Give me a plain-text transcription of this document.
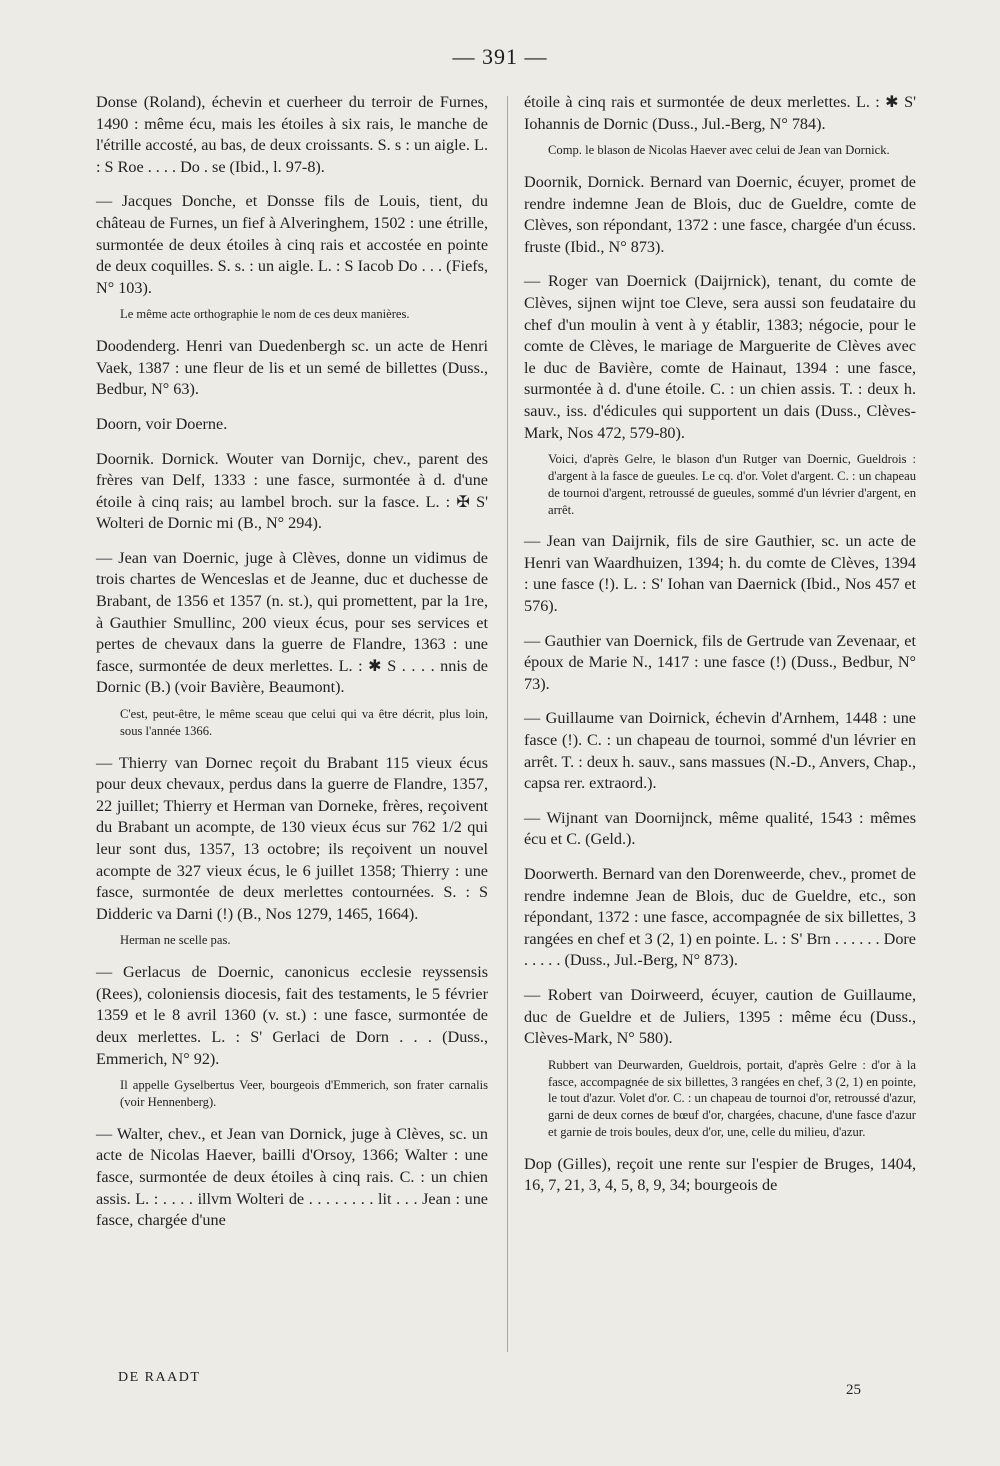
— 391 —
Donse (Roland), échevin et cuerheer du terroir de Furnes, 1490 : même écu, mais les étoiles à six rais, le manche de l'étrille accosté, au bas, de deux croissants. S. s : un aigle. L. : S Roe . . . . Do . se (Ibid., l. 97-8).
— Jacques Donche, et Donsse fils de Louis, tient, du château de Furnes, un fief à Alveringhem, 1502 : une étrille, surmontée de deux étoiles à cinq rais et accostée en pointe de deux coquilles. S. s. : un aigle. L. : S Iacob Do . . . (Fiefs, N° 103).
Le même acte orthographie le nom de ces deux manières.
Doodenderg. Henri van Duedenbergh sc. un acte de Henri Vaek, 1387 : une fleur de lis et un semé de billettes (Duss., Bedbur, N° 63).
Doorn, voir Doerne.
Doornik. Dornick. Wouter van Dornijc, chev., parent des frères van Delf, 1333 : une fasce, surmontée à d. d'une étoile à cinq rais; au lambel broch. sur la fasce. L. : ✠ S' Wolteri de Dornic mi (B., N° 294).
— Jean van Doernic, juge à Clèves, donne un vidimus de trois chartes de Wenceslas et de Jeanne, duc et duchesse de Brabant, de 1356 et 1357 (n. st.), qui promettent, par la 1re, à Gauthier Smullinc, 200 vieux écus, pour ses services et pertes de chevaux dans la guerre de Flandre, 1363 : une fasce, surmontée de deux merlettes. L. : ✱ S . . . . nnis de Dornic (B.) (voir Bavière, Beaumont).
C'est, peut-être, le même sceau que celui qui va être décrit, plus loin, sous l'année 1366.
— Thierry van Dornec reçoit du Brabant 115 vieux écus pour deux chevaux, perdus dans la guerre de Flandre, 1357, 22 juillet; Thierry et Herman van Dorneke, frères, reçoivent du Brabant un acompte, de 130 vieux écus sur 762 1/2 qui leur sont dus, 1357, 13 octobre; ils reçoivent un nouvel acompte de 327 vieux écus, le 6 juillet 1358; Thierry : une fasce, surmontée de deux merlettes contournées. S. : S Didderic va Darni (!) (B., Nos 1279, 1465, 1664).
Herman ne scelle pas.
— Gerlacus de Doernic, canonicus ecclesie reyssensis (Rees), coloniensis diocesis, fait des testaments, le 5 février 1359 et le 8 avril 1360 (v. st.) : une fasce, surmontée de deux merlettes. L. : S' Gerlaci de Dorn . . . (Duss., Emmerich, N° 92).
Il appelle Gyselbertus Veer, bourgeois d'Emmerich, son frater carnalis (voir Hennenberg).
— Walter, chev., et Jean van Dornick, juge à Clèves, sc. un acte de Nicolas Haever, bailli d'Orsoy, 1366; Walter : une fasce, surmontée de deux étoiles à cinq rais. C. : un chien assis. L. : . . . . illvm Wolteri de . . . . . . . . lit . . . Jean : une fasce, chargée d'une
étoile à cinq rais et surmontée de deux merlettes. L. : ✱ S' Iohannis de Dornic (Duss., Jul.-Berg, N° 784).
Comp. le blason de Nicolas Haever avec celui de Jean van Dornick.
Doornik, Dornick. Bernard van Doernic, écuyer, promet de rendre indemne Jean de Blois, duc de Gueldre, comte de Clèves, son répondant, 1372 : une fasce, chargée d'un écuss. fruste (Ibid., N° 873).
— Roger van Doernick (Daijrnick), tenant, du comte de Clèves, sijnen wijnt toe Cleve, sera aussi son feudataire du chef d'un moulin à vent à y établir, 1383; négocie, pour le comte de Clèves, le mariage de Marguerite de Clèves avec le duc de Bavière, comte de Hainaut, 1394 : une fasce, surmontée à d. d'une étoile. C. : un chien assis. T. : deux h. sauv., iss. d'édicules qui supportent un dais (Duss., Clèves-Mark, Nos 472, 579-80).
Voici, d'après Gelre, le blason d'un Rutger van Doernic, Gueldrois : d'argent à la fasce de gueules. Le cq. d'or. Volet d'argent. C. : un chapeau de tournoi d'argent, retroussé de gueules, sommé d'un lévrier d'argent, en arrêt.
— Jean van Daijrnik, fils de sire Gauthier, sc. un acte de Henri van Waardhuizen, 1394; h. du comte de Clèves, 1394 : une fasce (!). L. : S' Iohan van Daernick (Ibid., Nos 457 et 576).
— Gauthier van Doernick, fils de Gertrude van Zevenaar, et époux de Marie N., 1417 : une fasce (!) (Duss., Bedbur, N° 73).
— Guillaume van Doirnick, échevin d'Arnhem, 1448 : une fasce (!). C. : un chapeau de tournoi, sommé d'un lévrier en arrêt. T. : deux h. sauv., sans massues (N.-D., Anvers, Chap., capsa rer. extraord.).
— Wijnant van Doornijnck, même qualité, 1543 : mêmes écu et C. (Geld.).
Doorwerth. Bernard van den Dorenweerde, chev., promet de rendre indemne Jean de Blois, duc de Gueldre, etc., son répondant, 1372 : une fasce, accompagnée de six billettes, 3 rangées en chef et 3 (2, 1) en pointe. L. : S' Brn . . . . . . Dore . . . . . (Duss., Jul.-Berg, N° 873).
— Robert van Doirweerd, écuyer, caution de Guillaume, duc de Gueldre et de Juliers, 1395 : même écu (Duss., Clèves-Mark, N° 580).
Rubbert van Deurwarden, Gueldrois, portait, d'après Gelre : d'or à la fasce, accompagnée de six billettes, 3 rangées en chef, 3 (2, 1) en pointe, le tout d'azur. Volet d'or. C. : un chapeau de tournoi d'or, retroussé d'azur, garni de deux cornes de bœuf d'or, chargées, chacune, d'une fasce d'azur et garnie de trois boules, deux d'or, une, celle du milieu, d'azur.
Dop (Gilles), reçoit une rente sur l'espier de Bruges, 1404, 16, 7, 21, 3, 4, 5, 8, 9, 34; bourgeois de
DE RAADT
25
